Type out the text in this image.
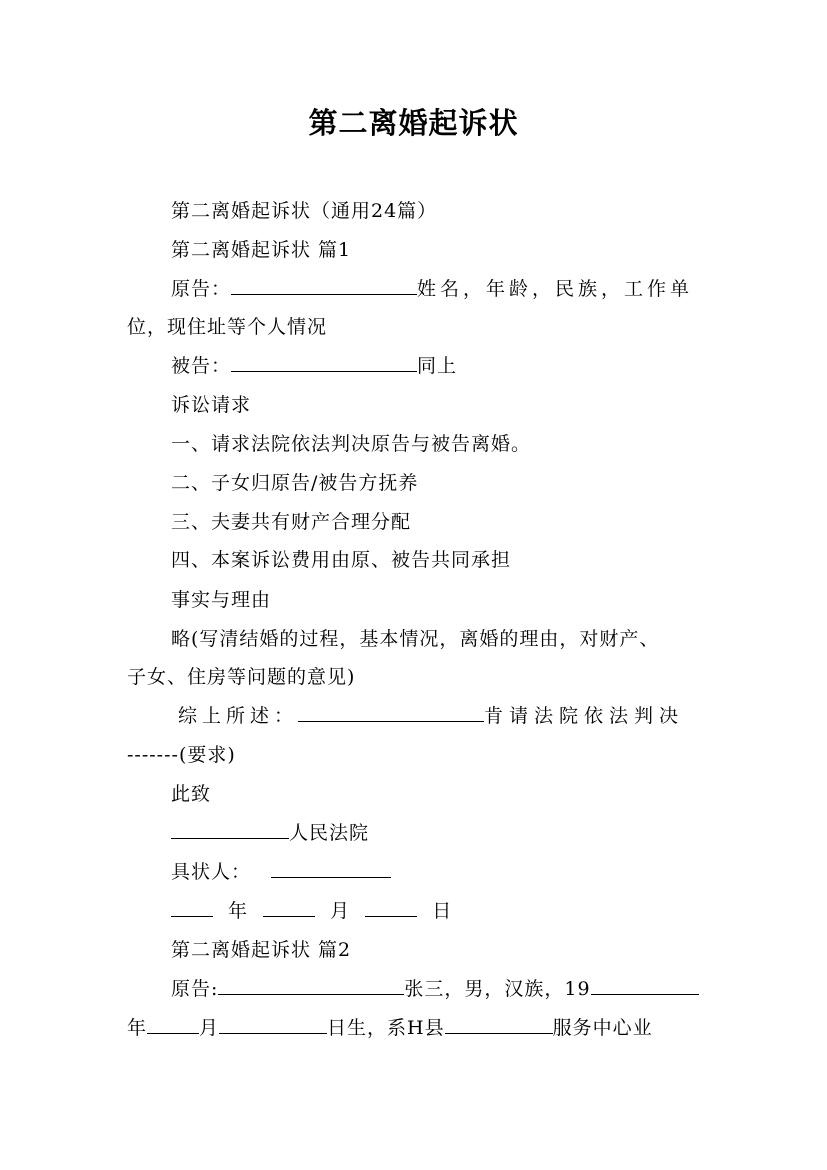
第二离婚起诉状
第二离婚起诉状（通用24篇）
第二离婚起诉状 篇1
原告：	姓名，年龄，民族，工作单
位，现住址等个人情况
被告：	同上
诉讼请求
一、请求法院依法判决原告与被告离婚。
二、子女归原告/被告方抚养
三、夫妻共有财产合理分配
四、本案诉讼费用由原、被告共同承担
事实与理由
略(写清结婚的过程，基本情况，离婚的理由，对财产、
子女、住房等问题的意见)
综上所述：	肯请法院依法判决
-------(要求)
此致
人民法院
具状人：
年	月	日
第二离婚起诉状 篇2
原告:	张三，男，汉族，19
年	月	日生，系H县	服务中心业
